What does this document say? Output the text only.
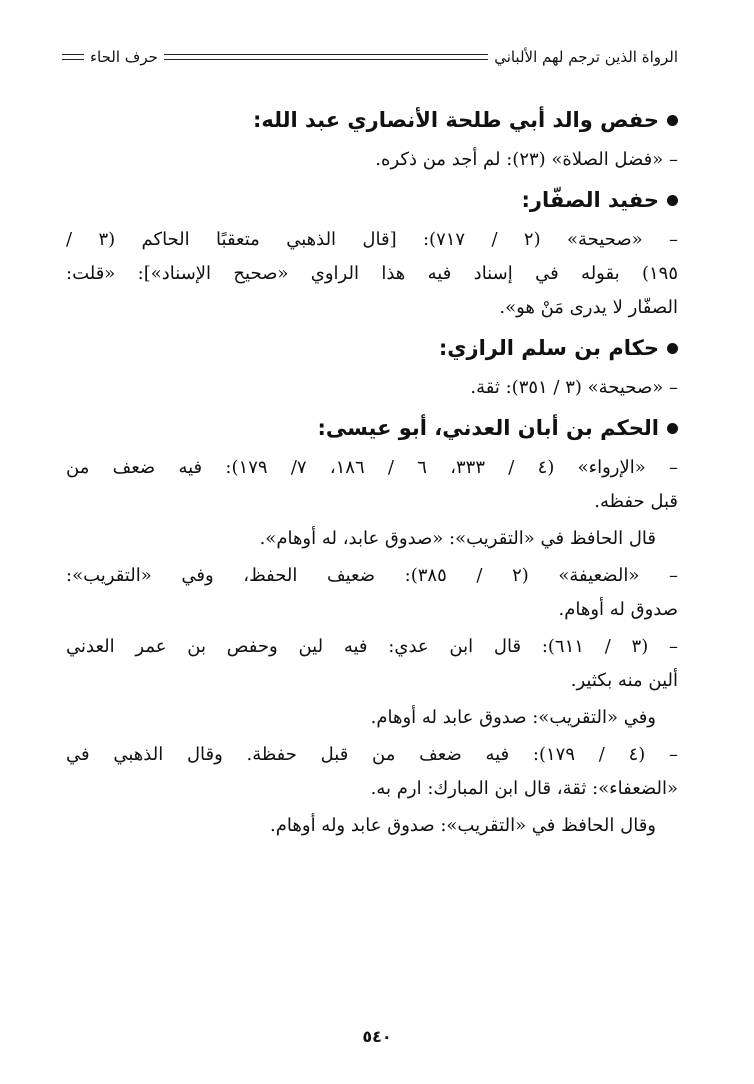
الرواة الذين ترجم لهم الألباني
حرف الحاء
حفص والد أبي طلحة الأنصاري عبد الله:
– «فضل الصلاة» (٢٣): لم أجد من ذكره.
حفيد الصفّار:
– «صحيحة» (٢ / ٧١٧): [قال الذهبي متعقبًا الحاكم (٣ /
١٩٥) بقوله في إسناد فيه هذا الراوي «صحيح الإسناد»]: «قلت:
الصفّار لا يدرى مَنْ هو».
حكام بن سلم الرازي:
– «صحيحة» (٣ / ٣٥١): ثقة.
الحكم بن أبان العدني، أبو عيسى:
– «الإرواء» (٤ / ٣٣٣، ٦ / ١٨٦، ٧/ ١٧٩): فيه ضعف من
قبل حفظه.
قال الحافظ في «التقريب»: «صدوق عابد، له أوهام».
– «الضعيفة» (٢ / ٣٨٥): ضعيف الحفظ، وفي «التقريب»:
صدوق له أوهام.
– (٣ / ٦١١): قال ابن عدي: فيه لين وحفص بن عمر العدني
ألين منه بكثير.
وفي «التقريب»: صدوق عابد له أوهام.
– (٤ / ١٧٩): فيه ضعف من قبل حفظة. وقال الذهبي في
«الضعفاء»: ثقة، قال ابن المبارك: ارم به.
وقال الحافظ في «التقريب»: صدوق عابد وله أوهام.
٥٤٠
